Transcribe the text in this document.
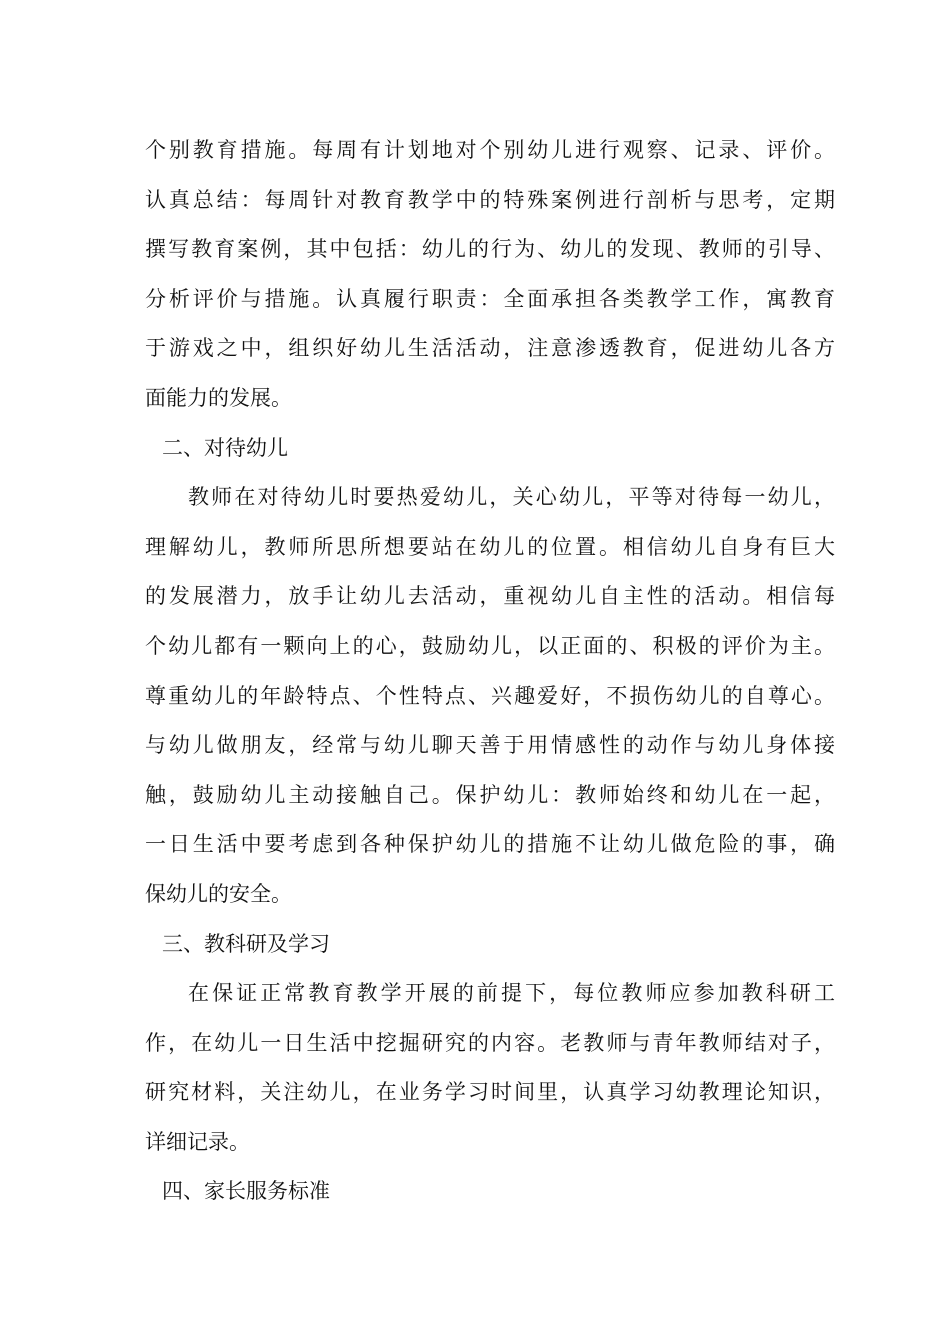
个别教育措施。每周有计划地对个别幼儿进行观察、记录、评价。
认真总结：每周针对教育教学中的特殊案例进行剖析与思考，定期
撰写教育案例，其中包括：幼儿的行为、幼儿的发现、教师的引导、
分析评价与措施。认真履行职责：全面承担各类教学工作，寓教育
于游戏之中，组织好幼儿生活活动，注意渗透教育，促进幼儿各方
面能力的发展。
二、对待幼儿
教师在对待幼儿时要热爱幼儿，关心幼儿，平等对待每一幼儿，
理解幼儿，教师所思所想要站在幼儿的位置。相信幼儿自身有巨大
的发展潜力，放手让幼儿去活动，重视幼儿自主性的活动。相信每
个幼儿都有一颗向上的心，鼓励幼儿，以正面的、积极的评价为主。
尊重幼儿的年龄特点、个性特点、兴趣爱好，不损伤幼儿的自尊心。
与幼儿做朋友，经常与幼儿聊天善于用情感性的动作与幼儿身体接
触，鼓励幼儿主动接触自己。保护幼儿：教师始终和幼儿在一起，
一日生活中要考虑到各种保护幼儿的措施不让幼儿做危险的事，确
保幼儿的安全。
三、教科研及学习
在保证正常教育教学开展的前提下，每位教师应参加教科研工
作，在幼儿一日生活中挖掘研究的内容。老教师与青年教师结对子，
研究材料，关注幼儿，在业务学习时间里，认真学习幼教理论知识，
详细记录。
四、家长服务标准
